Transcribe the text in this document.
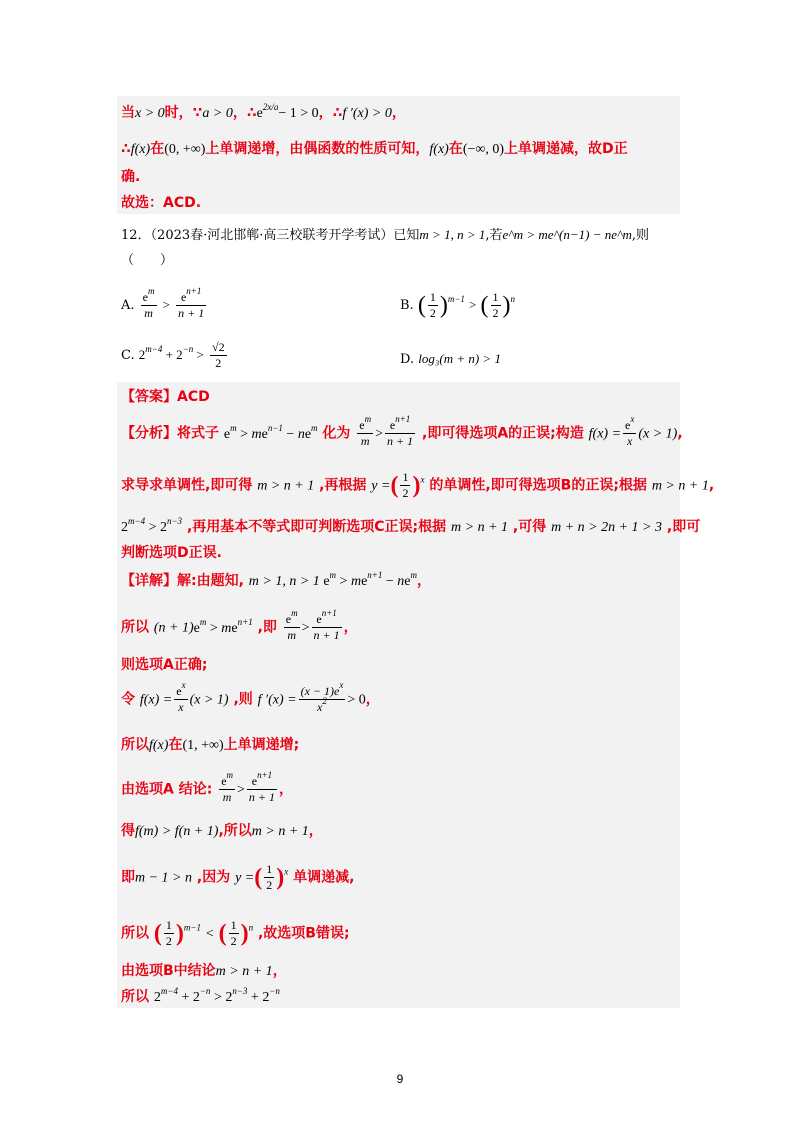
当x > 0时，∵a > 0，$\therefore e^{2x/a}- 1 > 0$，∴f ′(x) > 0，
∴f(x)在(0, +∞)上单调递增，由偶函数的性质可知，f(x)在(−∞, 0)上单调递减，故D正
确.
故选：ACD.
12．（2023春·河北邯郸·高三校联考开学考试）已知m > 1, n > 1,若e^m > me^(n−1) − ne^m,则
（　　）
A. $\frac{e^m}{m} > \frac{e^{n+1}}{n + 1}$	B. ( $\frac{1}{2} )^{m-1}$ > ( $\frac{1}{2} )^n$
C. $2^{m-4} + 2^{-n} > \frac{√2}{2}$	D. log₃(m + n) > 1
【答案】ACD
【分析】将式子 $e^m > me^{n-1} - ne^m$ 化为 $\frac{e^m}{m} > \frac{e^{n+1}}{n + 1}$ ,即可得选项A的正误;构造 $f(x) = \frac{e^x}{x} (x > 1)$,
求导求单调性,即可得 m > n + 1 ,再根据 y =( $\frac{1}{2} )^x$ 的单调性,即可得选项B的正误;根据 m > n + 1,
$2^{m-4} > 2^{n-3}$ ,再用基本不等式即可判断选项C正误;根据 m > n + 1 ,可得 m + n > 2n + 1 > 3 ,即可
判断选项D正误.
【详解】解:由题知, m > 1, n > 1 $e^m > me^{n+1} - ne^m$，
所以 $(n + 1)e^m > me^{n+1}$ ,即 $\frac{e^m}{m} > \frac{e^{n+1}}{n + 1}$ ，
则选项A正确;
令 $f(x) = \frac{e^x}{x} (x > 1)$ ,则 f $'(x) = \frac{(x - 1)e^x}{x^2} > 0$，
所以f(x)在(1, +∞)上单调递增;
由选项A 结论: $\frac{e^m}{m} > \frac{e^{n+1}}{n + 1}$ ，
得f(m) > f(n + 1),所以m > n + 1，
即m − 1 > n ,因为 y =( $\frac{1}{2} )^x$ 单调递减,
所以 ( $\frac{1}{2} )^{m-1}$ < ( $\frac{1}{2} )^n$ ,故选项B错误;
由选项B中结论m > n + 1，
所以 $2^{m-4} + 2^{-n} > 2^{n-3} + 2^{-n}$
9
